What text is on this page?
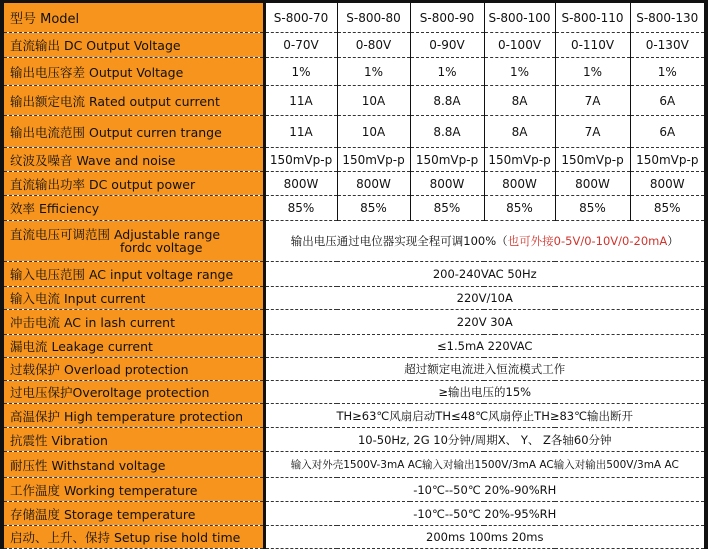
型号 Model	S-800-70	S-800-80	S-800-90	S-800-100	S-800-110	S-800-130
直流输出 DC Output Voltage	0-70V	0-80V	0-90V	0-100V	0-110V	0-130V
输出电压容差 Output Voltage	1%	1%	1%	1%	1%	1%
输出额定电流 Rated output current	11A	10A	8.8A	8A	7A	6A
输出电流范围 Output curren trange	11A	10A	8.8A	8A	7A	6A
纹波及噪音 Wave and noise	150mVp-p	150mVp-p	150mVp-p	150mVp-p	150mVp-p	150mVp-p
直流输出功率 DC output power	800W	800W	800W	800W	800W	800W
效率 Efficiency	85%	85%	85%	85%	85%	85%

直流电压可调范围 Adjustable range
fordc voltage	输出电压通过电位器实现全程可调100%（也可外接0-5V/0-10V/0-20mA）					
输入电压范围 AC input voltage range	200-240VAC 50Hz					
输入电流 Input current	220V/10A					
冲击电流 AC in lash current	220V 30A					
漏电流 Leakage current	≤1.5mA 220VAC					
过载保护 Overload protection	超过额定电流进入恒流模式工作					
过电压保护Overoltage protection	≥输出电压的15%					
高温保护 High temperature protection	TH≥63℃风扇启动TH≤48℃风扇停止TH≥83℃输出断开					
抗震性 Vibration	10-50Hz, 2G 10分钟/周期X、 Y、 Z各轴60分钟					
耐压性 Withstand voltage	输入对外壳1500V-3mA AC输入对输出1500V/3mA AC输入对输出500V/3mA AC					
工作温度 Working temperature	-10℃--50℃ 20%-90%RH					
存储温度 Storage temperature	-10℃--50℃ 20%-95%RH					
启动、上升、保持 Setup rise hold time	200ms 100ms 20ms					
